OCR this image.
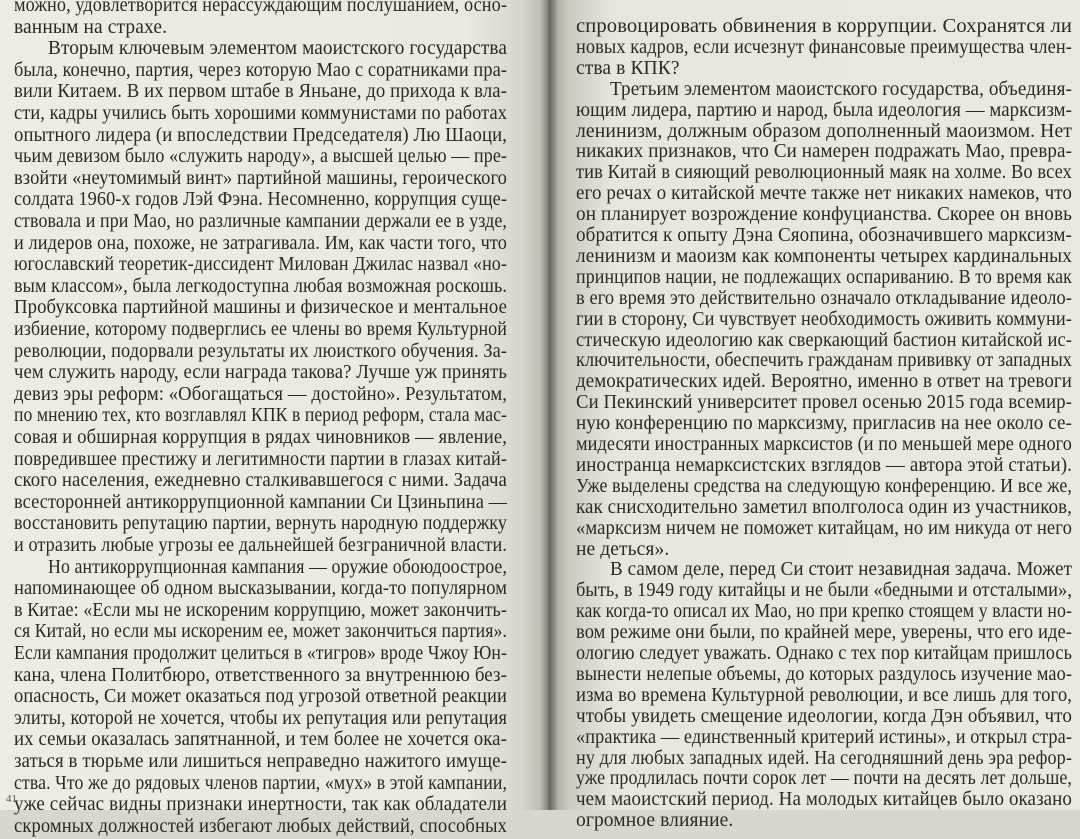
можно, удовлетворится нерассуждающим послушанием, осно-
ванным на страхе.
Вторым ключевым элементом маоистского государства
была, конечно, партия, через которую Мао с соратниками пра-
вили Китаем. В их первом штабе в Яньане, до прихода к вла-
сти, кадры учились быть хорошими коммунистами по работах
опытного лидера (и впоследствии Председателя) Лю Шаоци,
чьим девизом было «служить народу», а высшей целью — пре-
взойти «неутомимый винт» партийной машины, героического
солдата 1960-х годов Лэй Фэна. Несомненно, коррупция суще-
ствовала и при Мао, но различные кампании держали ее в узде,
и лидеров она, похоже, не затрагивала. Им, как части того, что
югославский теоретик-диссидент Милован Джилас назвал «но-
вым классом», была легкодоступна любая возможная роскошь.
Пробуксовка партийной машины и физическое и ментальное
избиение, которому подверглись ее члены во время Культурной
революции, подорвали результаты их люисткого обучения. За-
чем служить народу, если награда такова? Лучше уж принять
девиз эры реформ: «Обогащаться — достойно». Результатом,
по мнению тех, кто возглавлял КПК в период реформ, стала мас-
совая и обширная коррупция в рядах чиновников — явление,
повредившее престижу и легитимности партии в глазах китай-
ского населения, ежедневно сталкивавшегося с ними. Задача
всесторонней антикоррупционной кампании Си Цзиньпина —
восстановить репутацию партии, вернуть народную поддержку
и отразить любые угрозы ее дальнейшей безграничной власти.
Но антикоррупционная кампания — оружие обоюдоострое,
напоминающее об одном высказывании, когда-то популярном
в Китае: «Если мы не искореним коррупцию, может закончить-
ся Китай, но если мы искореним ее, может закончиться партия».
Если кампания продолжит целиться в «тигров» вроде Чжоу Юн-
кана, члена Политбюро, ответственного за внутреннюю без-
опасность, Си может оказаться под угрозой ответной реакции
элиты, которой не хочется, чтобы их репутация или репутация
их семьи оказалась запятнанной, и тем более не хочется ока-
заться в тюрьме или лишиться неправедно нажитого имуще-
ства. Что же до рядовых членов партии, «мух» в этой кампании,
уже сейчас видны признаки инертности, так как обладатели
скромных должностей избегают любых действий, способных
41
спровоцировать обвинения в коррупции. Сохранятся ли
новых кадров, если исчезнут финансовые преимущества член-
ства в КПК?
Третьим элементом маоистского государства, объединя-
ющим лидера, партию и народ, была идеология — марксизм-
ленинизм, должным образом дополненный маоизмом. Нет
никаких признаков, что Си намерен подражать Мао, превра-
тив Китай в сияющий революционный маяк на холме. Во всех
его речах о китайской мечте также нет никаких намеков, что
он планирует возрождение конфуцианства. Скорее он вновь
обратится к опыту Дэна Сяопина, обозначившего марксизм-
ленинизм и маоизм как компоненты четырех кардинальных
принципов нации, не подлежащих оспариванию. В то время как
в его время это действительно означало откладывание идеоло-
гии в сторону, Си чувствует необходимость оживить коммуни-
стическую идеологию как сверкающий бастион китайской ис-
ключительности, обеспечить гражданам прививку от западных
демократических идей. Вероятно, именно в ответ на тревоги
Си Пекинский университет провел осенью 2015 года всемир-
ную конференцию по марксизму, пригласив на нее около се-
мидесяти иностранных марксистов (и по меньшей мере одного
иностранца немарксистских взглядов — автора этой статьи).
Уже выделены средства на следующую конференцию. И все же,
как снисходительно заметил вполголоса один из участников,
«марксизм ничем не поможет китайцам, но им никуда от него
не деться».
В самом деле, перед Си стоит незавидная задача. Может
быть, в 1949 году китайцы и не были «бедными и отсталыми»,
как когда-то описал их Мао, но при крепко стоящем у власти но-
вом режиме они были, по крайней мере, уверены, что его иде-
ологию следует уважать. Однако с тех пор китайцам пришлось
вынести нелепые объемы, до которых раздулось изучение мао-
изма во времена Культурной революции, и все лишь для того,
чтобы увидеть смещение идеологии, когда Дэн объявил, что
«практика — единственный критерий истины», и открыл стра-
ну для любых западных идей. На сегодняшний день эра рефор-
уже продлилась почти сорок лет — почти на десять лет дольше,
чем маоистский период. На молодых китайцев было оказано
огромное влияние.
